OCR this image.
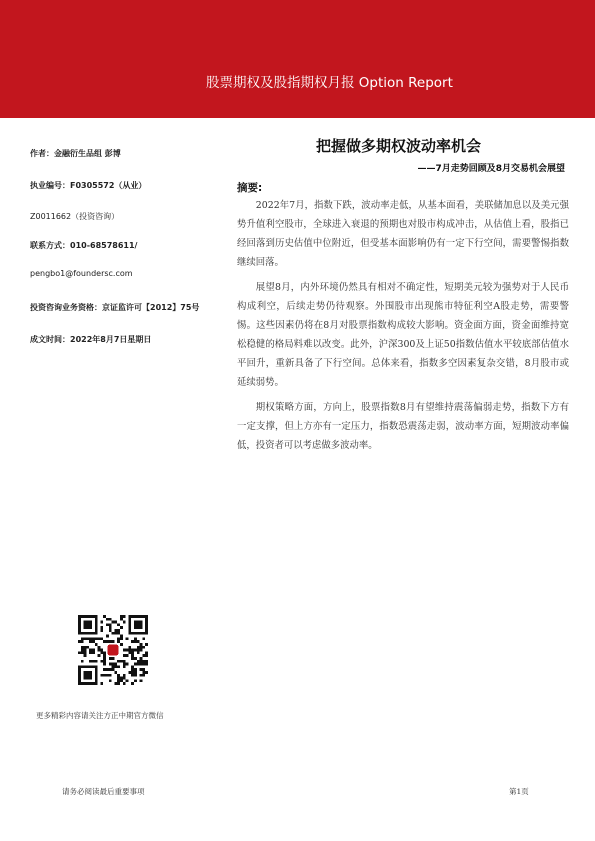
股票期权及股指期权月报 Option Report
作者：金融衍生品组 彭博
执业编号：F0305572（从业）
Z0011662（投资咨询）
联系方式：010-68578611/
pengbo1@foundersc.com
投资咨询业务资格：京证监许可【2012】75号
成文时间：2022年8月7日星期日
把握做多期权波动率机会
——7月走势回顾及8月交易机会展望
摘要:

2022年7月，指数下跌，波动率走低，从基本面看，美联储加息以及美元强势升值利空股市，全球进入衰退的预期也对股市构成冲击，从估值上看，股指已经回落到历史估值中位附近，但受基本面影响仍有一定下行空间，需要警惕指数继续回落。

展望8月，内外环境仍然具有相对不确定性，短期美元较为强势对于人民币构成利空，后续走势仍待观察。外围股市出现熊市特征利空A股走势，需要警惕。这些因素仍将在8月对股票指数构成较大影响。资金面方面，资金面维持宽松稳健的格局料难以改变。此外，沪深300及上证50指数估值水平较底部估值水平回升，重新具备了下行空间。总体来看，指数多空因素复杂交错，8月股市或延续弱势。

期权策略方面，方向上，股票指数8月有望维持震荡偏弱走势，指数下方有一定支撑，但上方亦有一定压力，指数恐震荡走弱，波动率方面，短期波动率偏低，投资者可以考虑做多波动率。

更多精彩内容请关注方正中期官方微信
请务必阅读最后重要事项	第1页
